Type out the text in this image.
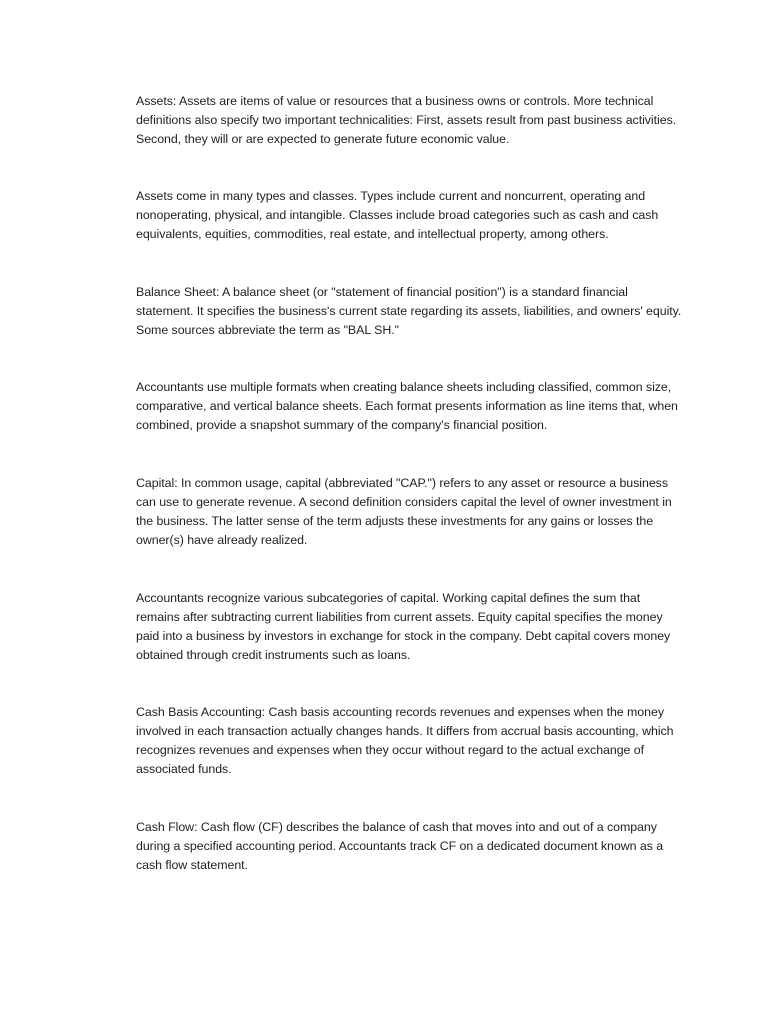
Assets: Assets are items of value or resources that a business owns or controls. More technical definitions also specify two important technicalities: First, assets result from past business activities. Second, they will or are expected to generate future economic value.

Assets come in many types and classes. Types include current and noncurrent, operating and nonoperating, physical, and intangible. Classes include broad categories such as cash and cash equivalents, equities, commodities, real estate, and intellectual property, among others.

Balance Sheet: A balance sheet (or "statement of financial position") is a standard financial statement. It specifies the business's current state regarding its assets, liabilities, and owners' equity. Some sources abbreviate the term as "BAL SH."

Accountants use multiple formats when creating balance sheets including classified, common size, comparative, and vertical balance sheets. Each format presents information as line items that, when combined, provide a snapshot summary of the company's financial position.

Capital: In common usage, capital (abbreviated "CAP.") refers to any asset or resource a business can use to generate revenue. A second definition considers capital the level of owner investment in the business. The latter sense of the term adjusts these investments for any gains or losses the owner(s) have already realized.

Accountants recognize various subcategories of capital. Working capital defines the sum that remains after subtracting current liabilities from current assets. Equity capital specifies the money paid into a business by investors in exchange for stock in the company. Debt capital covers money obtained through credit instruments such as loans.

Cash Basis Accounting: Cash basis accounting records revenues and expenses when the money involved in each transaction actually changes hands. It differs from accrual basis accounting, which recognizes revenues and expenses when they occur without regard to the actual exchange of associated funds.

Cash Flow: Cash flow (CF) describes the balance of cash that moves into and out of a company during a specified accounting period. Accountants track CF on a dedicated document known as a cash flow statement.
